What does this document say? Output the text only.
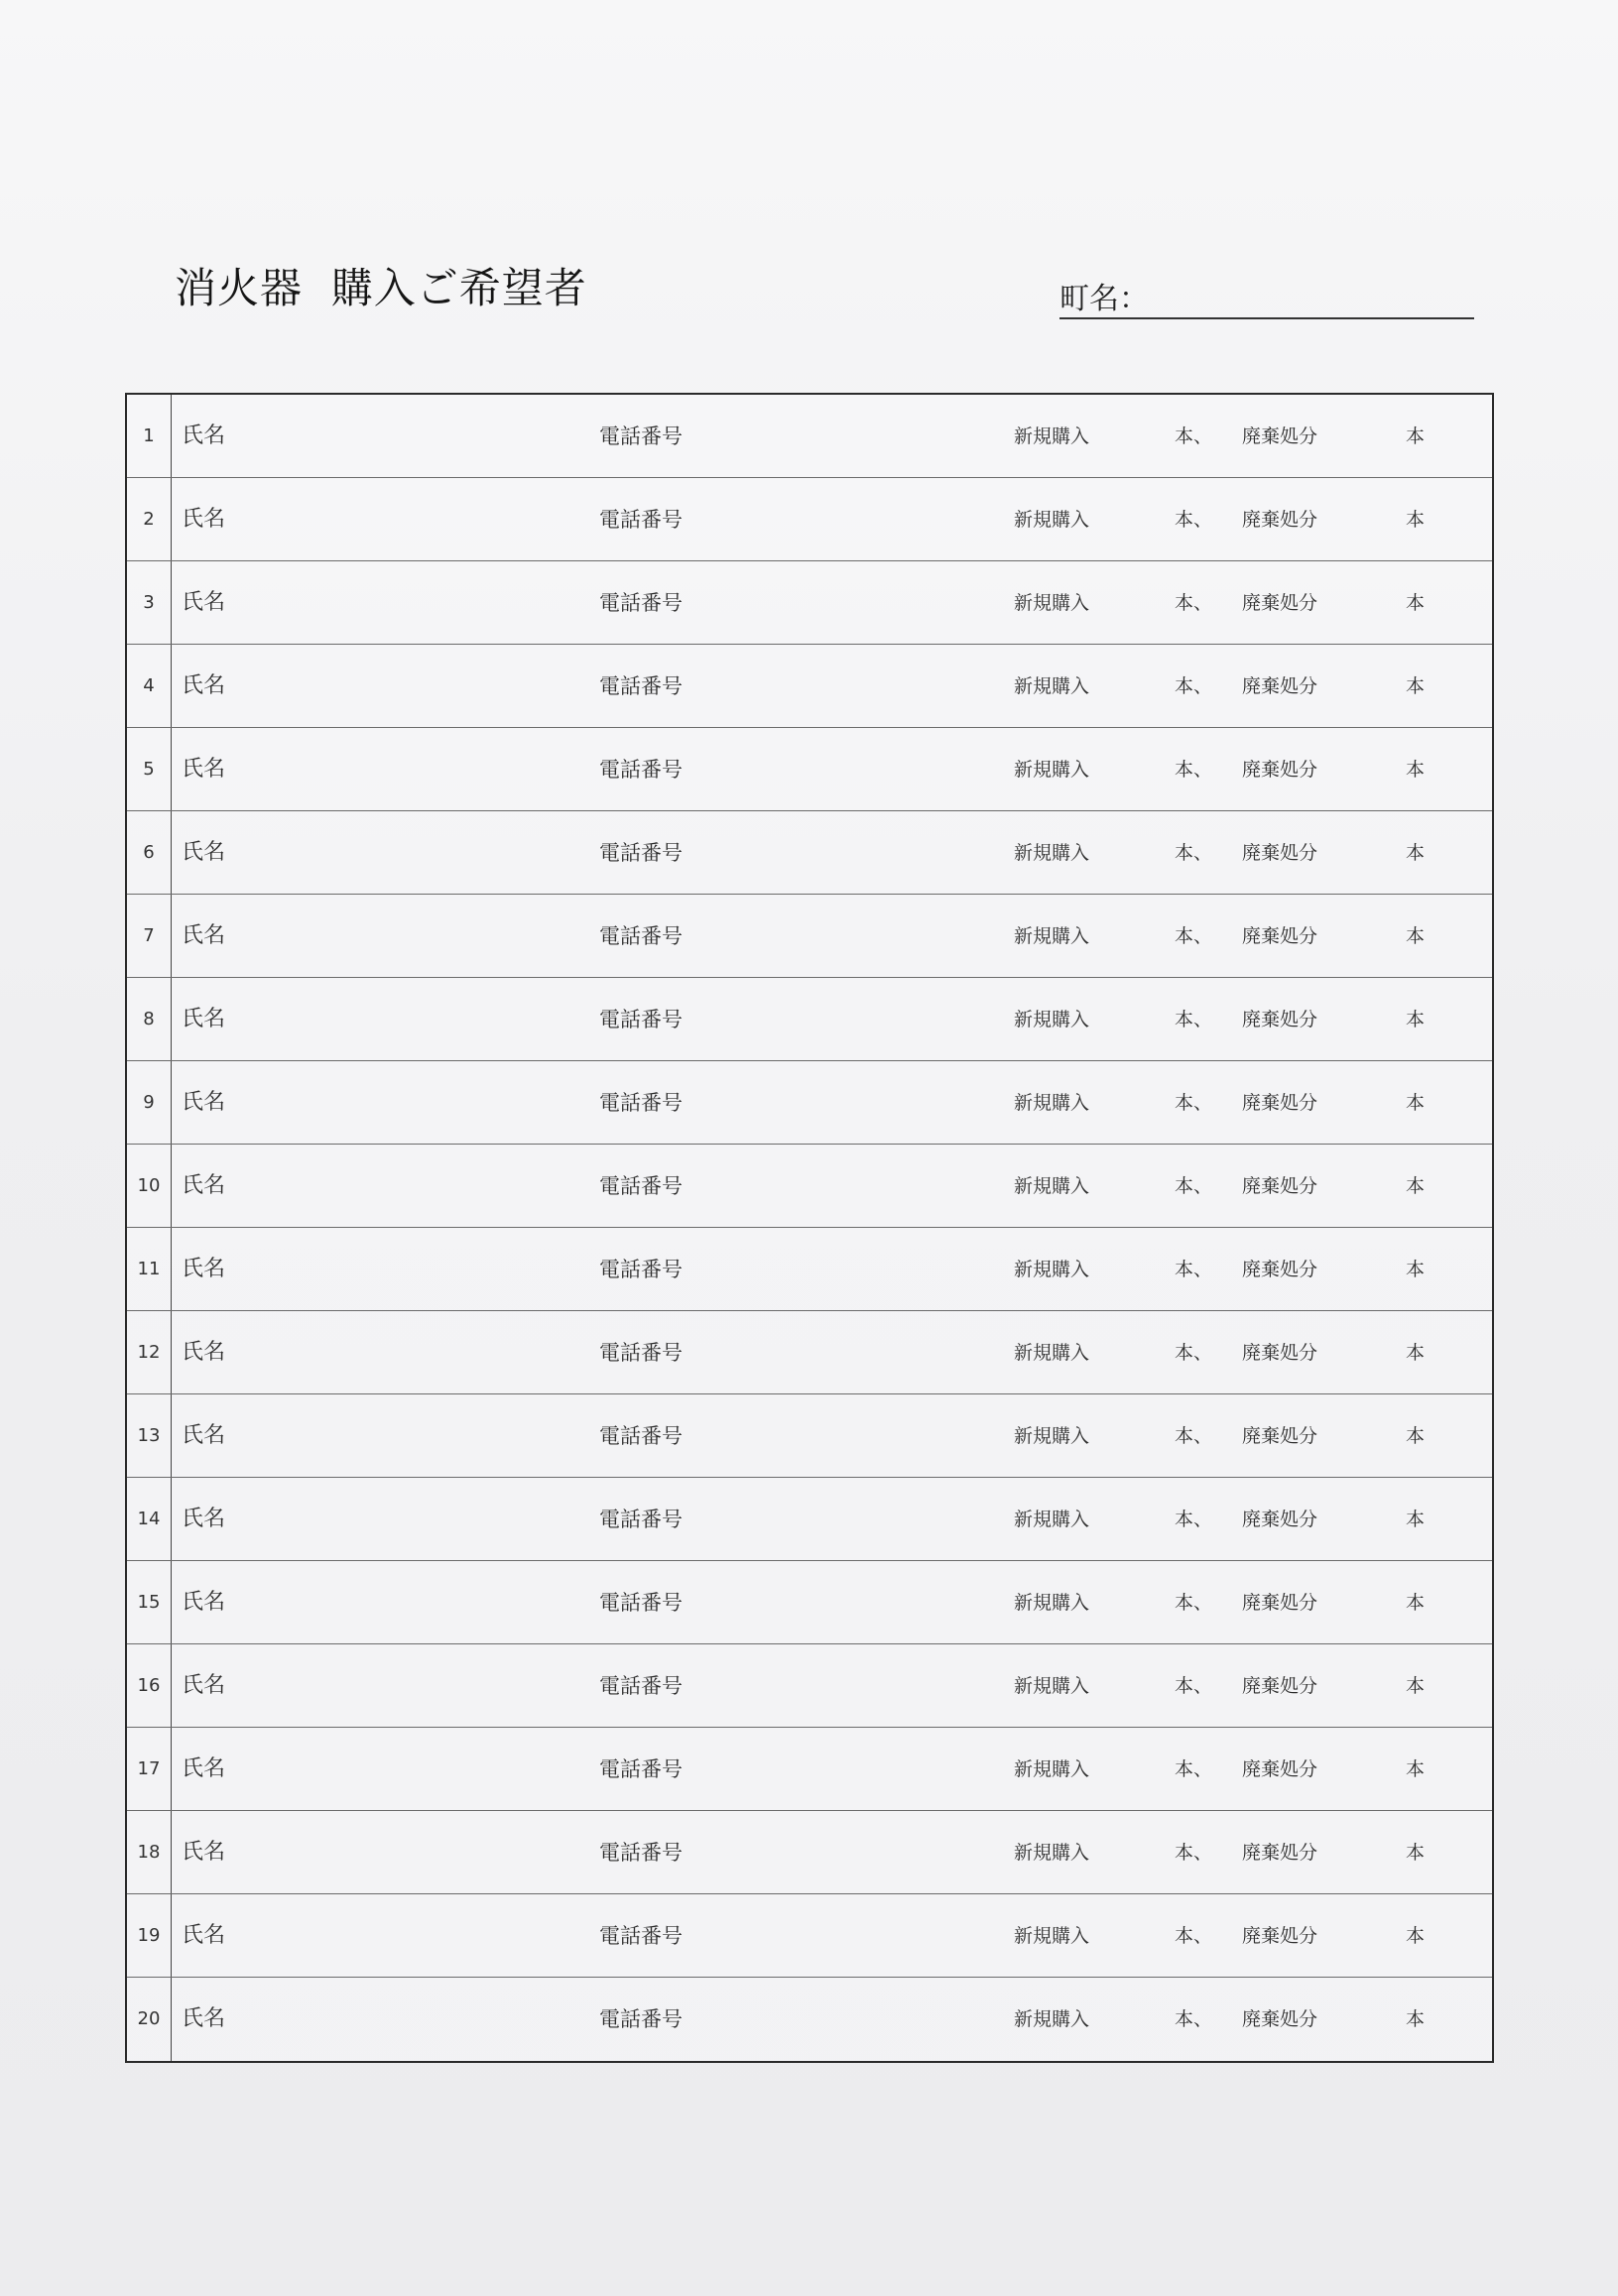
消火器  購入ご希望者	町名：
1	氏名	電話番号	新規購入	本、 廃棄処分	本
2	氏名	電話番号	新規購入	本、 廃棄処分	本
3	氏名	電話番号	新規購入	本、 廃棄処分	本
4	氏名	電話番号	新規購入	本、 廃棄処分	本
5	氏名	電話番号	新規購入	本、 廃棄処分	本
6	氏名	電話番号	新規購入	本、 廃棄処分	本
7	氏名	電話番号	新規購入	本、 廃棄処分	本
8	氏名	電話番号	新規購入	本、 廃棄処分	本
9	氏名	電話番号	新規購入	本、 廃棄処分	本
10 氏名	電話番号	新規購入	本、 廃棄処分	本
11 氏名	電話番号	新規購入	本、 廃棄処分	本
12 氏名	電話番号	新規購入	本、 廃棄処分	本
13 氏名	電話番号	新規購入	本、 廃棄処分	本
14 氏名	電話番号	新規購入	本、 廃棄処分	本
15 氏名	電話番号	新規購入	本、 廃棄処分	本
16 氏名	電話番号	新規購入	本、 廃棄処分	本
17 氏名	電話番号	新規購入	本、 廃棄処分	本
18 氏名	電話番号	新規購入	本、 廃棄処分	本
19 氏名	電話番号	新規購入	本、 廃棄処分	本
20 氏名	電話番号	新規購入	本、 廃棄処分	本
